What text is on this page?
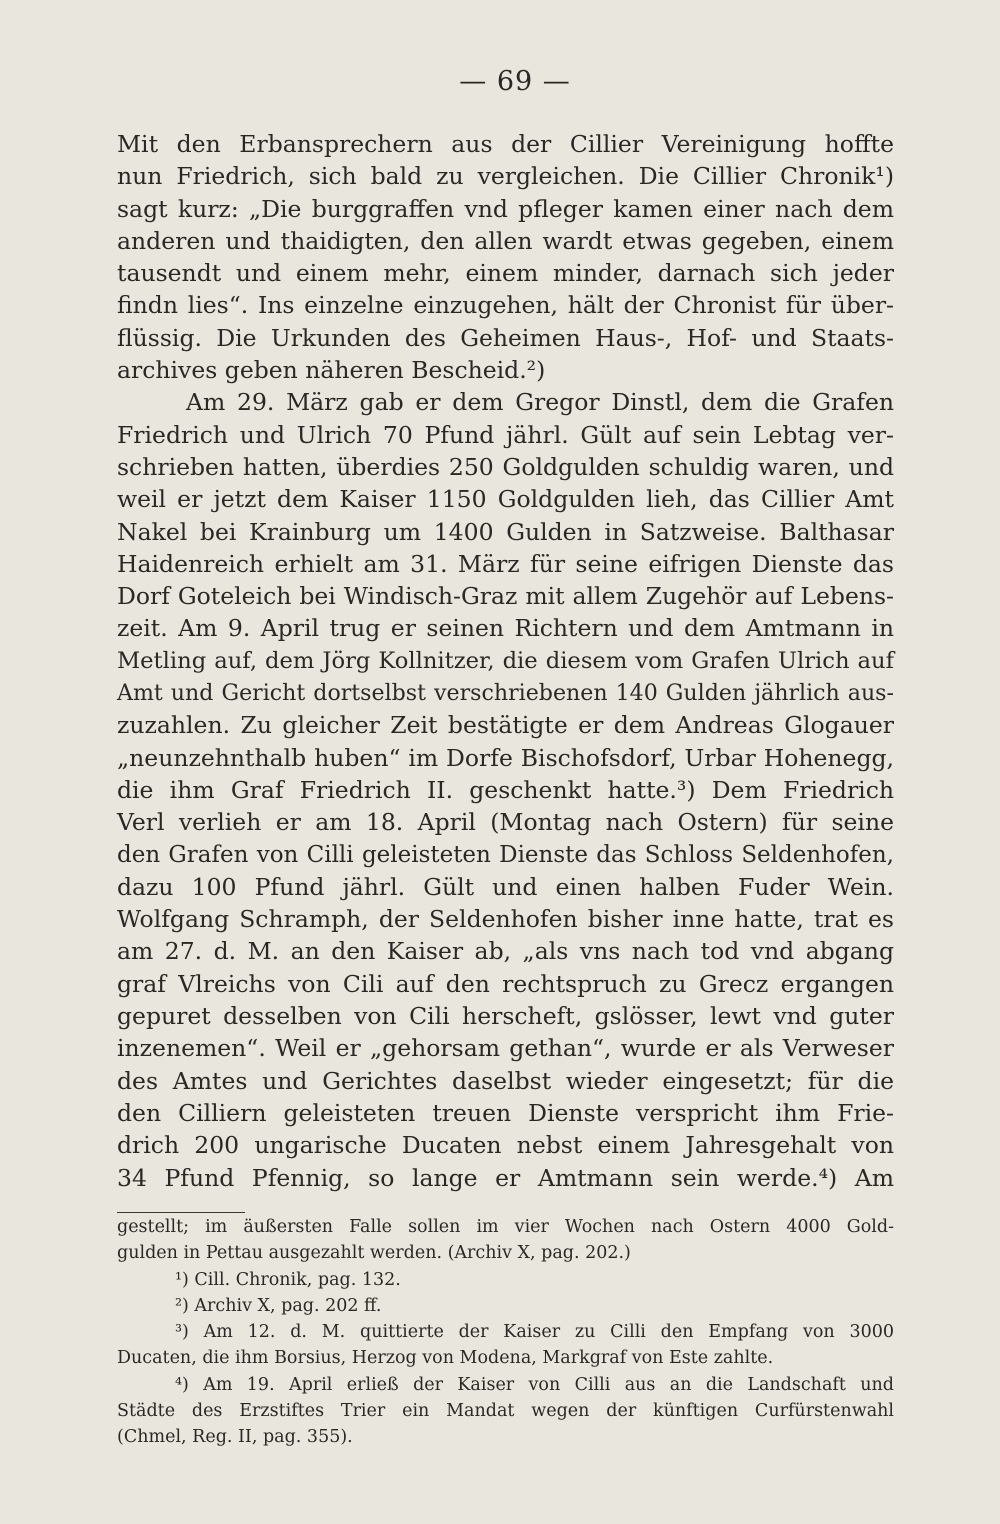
— 69 —
Mit den Erbansprechern aus der Cillier Vereinigung hoffte
nun Friedrich, sich bald zu vergleichen. Die Cillier Chronik¹)
sagt kurz: „Die burggraffen vnd pfleger kamen einer nach dem
anderen und thaidigten, den allen wardt etwas gegeben, einem
tausendt und einem mehr, einem minder, darnach sich jeder
findn lies“. Ins einzelne einzugehen, hält der Chronist für über-
flüssig. Die Urkunden des Geheimen Haus-, Hof- und Staats-
archives geben näheren Bescheid.²)
Am 29. März gab er dem Gregor Dinstl, dem die Grafen
Friedrich und Ulrich 70 Pfund jährl. Gült auf sein Lebtag ver-
schrieben hatten, überdies 250 Goldgulden schuldig waren, und
weil er jetzt dem Kaiser 1150 Goldgulden lieh, das Cillier Amt
Nakel bei Krainburg um 1400 Gulden in Satzweise. Balthasar
Haidenreich erhielt am 31. März für seine eifrigen Dienste das
Dorf Goteleich bei Windisch-Graz mit allem Zugehör auf Lebens-
zeit. Am 9. April trug er seinen Richtern und dem Amtmann in
Metling auf, dem Jörg Kollnitzer, die diesem vom Grafen Ulrich auf
Amt und Gericht dortselbst verschriebenen 140 Gulden jährlich aus-
zuzahlen. Zu gleicher Zeit bestätigte er dem Andreas Glogauer
„neunzehnthalb huben“ im Dorfe Bischofsdorf, Urbar Hohenegg,
die ihm Graf Friedrich II. geschenkt hatte.³) Dem Friedrich
Verl verlieh er am 18. April (Montag nach Ostern) für seine
den Grafen von Cilli geleisteten Dienste das Schloss Seldenhofen,
dazu 100 Pfund jährl. Gült und einen halben Fuder Wein.
Wolfgang Schramph, der Seldenhofen bisher inne hatte, trat es
am 27. d. M. an den Kaiser ab, „als vns nach tod vnd abgang
graf Vlreichs von Cili auf den rechtspruch zu Grecz ergangen
gepuret desselben von Cili herscheft, gslösser, lewt vnd guter
inzenemen“. Weil er „gehorsam gethan“, wurde er als Verweser
des Amtes und Gerichtes daselbst wieder eingesetzt; für die
den Cilliern geleisteten treuen Dienste verspricht ihm Frie-
drich 200 ungarische Ducaten nebst einem Jahresgehalt von
34 Pfund Pfennig, so lange er Amtmann sein werde.⁴) Am
gestellt; im äußersten Falle sollen im vier Wochen nach Ostern 4000 Gold-
gulden in Pettau ausgezahlt werden. (Archiv X, pag. 202.)
¹) Cill. Chronik, pag. 132.
²) Archiv X, pag. 202 ff.
³) Am 12. d. M. quittierte der Kaiser zu Cilli den Empfang von 3000
Ducaten, die ihm Borsius, Herzog von Modena, Markgraf von Este zahlte.
⁴) Am 19. April erließ der Kaiser von Cilli aus an die Landschaft und
Städte des Erzstiftes Trier ein Mandat wegen der künftigen Curfürstenwahl
(Chmel, Reg. II, pag. 355).
